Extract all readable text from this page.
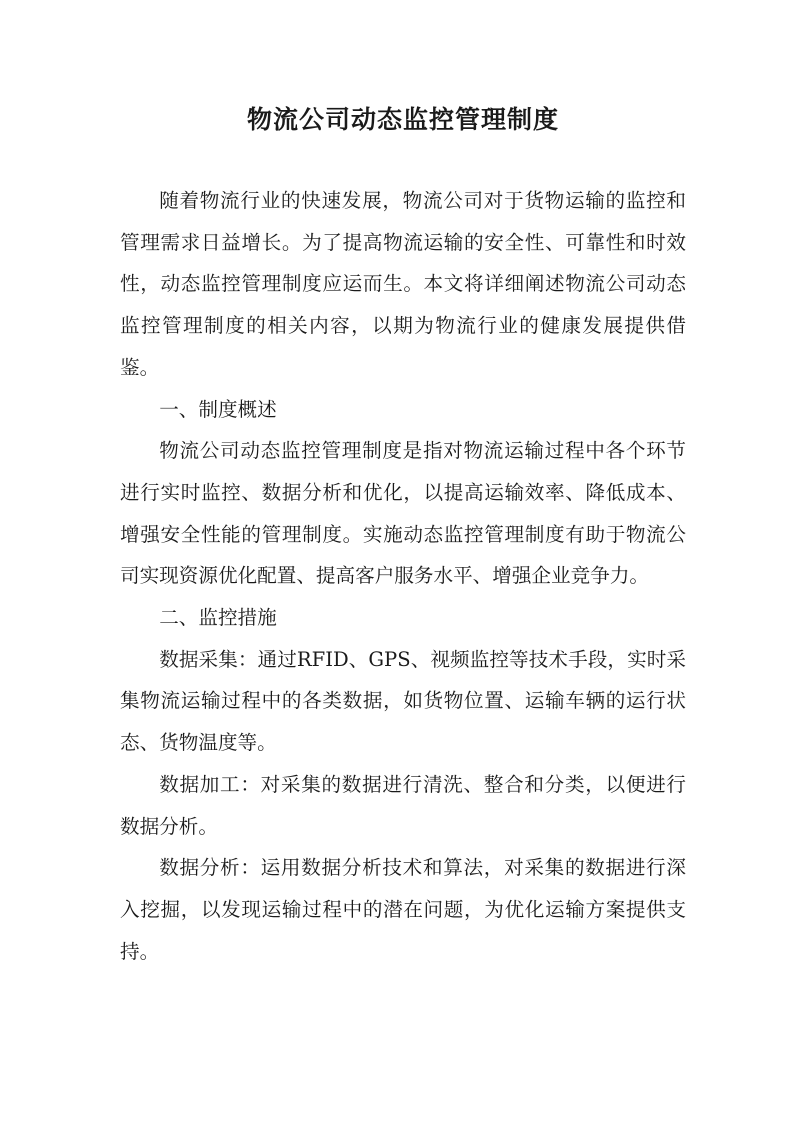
物流公司动态监控管理制度

随着物流行业的快速发展，物流公司对于货物运输的监控和管理需求日益增长。为了提高物流运输的安全性、可靠性和时效性，动态监控管理制度应运而生。本文将详细阐述物流公司动态监控管理制度的相关内容，以期为物流行业的健康发展提供借鉴。

一、制度概述

物流公司动态监控管理制度是指对物流运输过程中各个环节进行实时监控、数据分析和优化，以提高运输效率、降低成本、增强安全性能的管理制度。实施动态监控管理制度有助于物流公司实现资源优化配置、提高客户服务水平、增强企业竞争力。

二、监控措施

数据采集：通过RFID、GPS、视频监控等技术手段，实时采集物流运输过程中的各类数据，如货物位置、运输车辆的运行状态、货物温度等。

数据加工：对采集的数据进行清洗、整合和分类，以便进行数据分析。

数据分析：运用数据分析技术和算法，对采集的数据进行深入挖掘，以发现运输过程中的潜在问题，为优化运输方案提供支持。
